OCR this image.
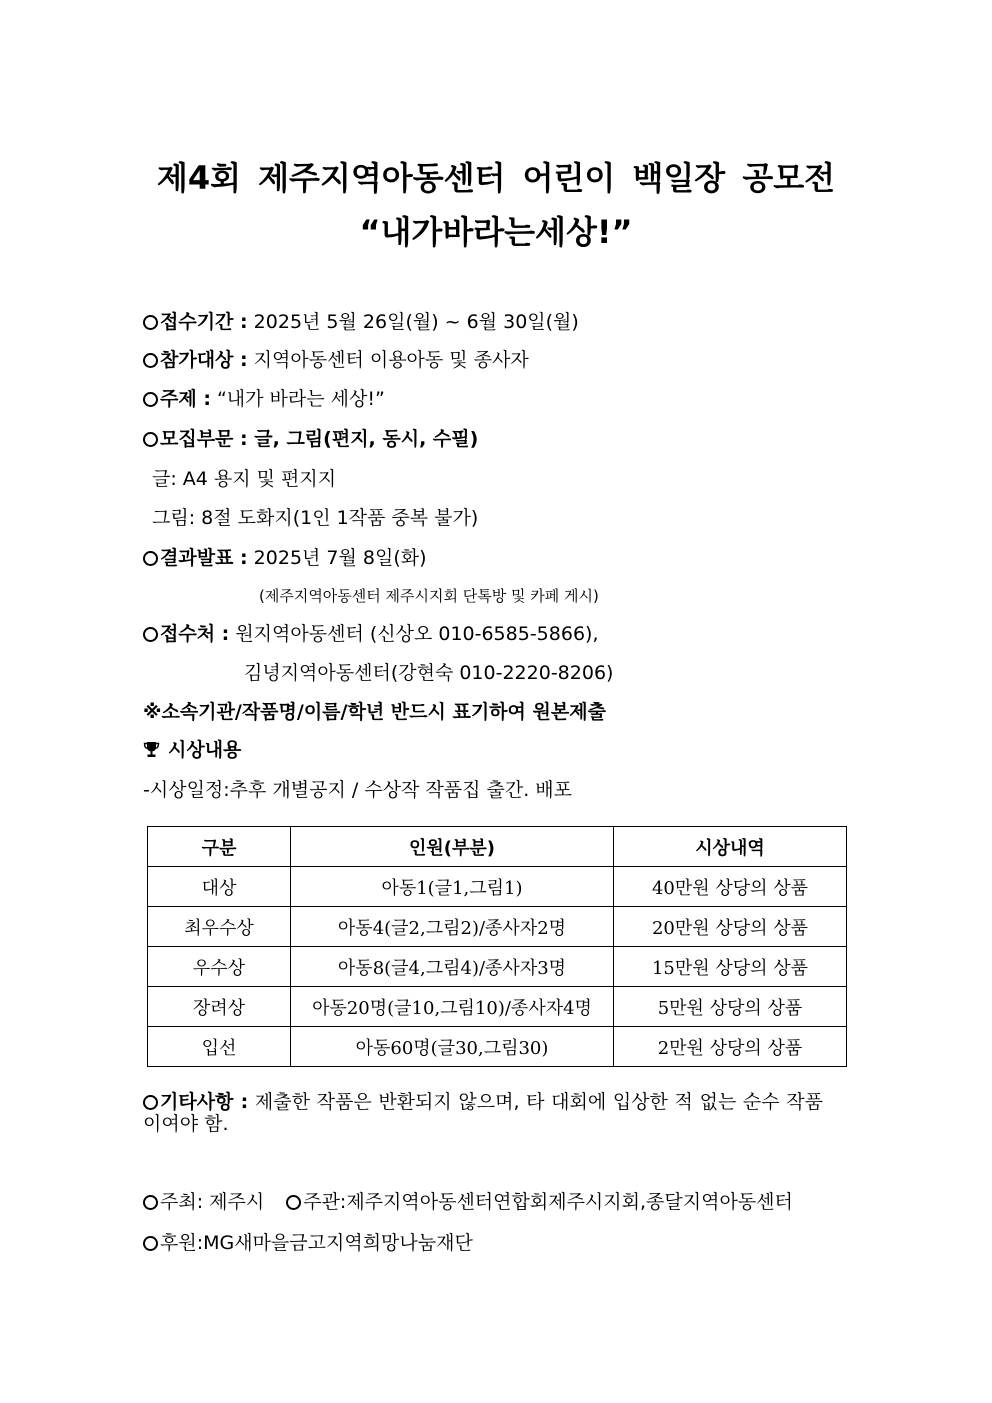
제4회 제주지역아동센터 어린이 백일장 공모전
“내가바라는세상!”
접수기간 : 2025년 5월 26일(월) ~ 6월 30일(월)
참가대상 : 지역아동센터 이용아동 및 종사자
주제 : “내가 바라는 세상!”
모집부문 : 글, 그림(편지, 동시, 수필)
글: A4 용지 및 편지지
그림: 8절 도화지(1인 1작품 중복 불가)
결과발표 : 2025년 7월 8일(화)
(제주지역아동센터 제주시지회 단톡방 및 카페 게시)
접수처 : 원지역아동센터 (신상오 010-6585-5866),
김녕지역아동센터(강현숙 010-2220-8206)
※소속기관/작품명/이름/학년 반드시 표기하여 원본제출
시상내용
-시상일정:추후 개별공지 / 수상작 작품집 출간. 배포
구분	인원(부분)	시상내역
대상	아동1(글1,그림1)	40만원 상당의 상품
최우수상	아동4(글2,그림2)/종사자2명	20만원 상당의 상품
우수상	아동8(글4,그림4)/종사자3명	15만원 상당의 상품
장려상	아동20명(글10,그림10)/종사자4명	5만원 상당의 상품
입선	아동60명(글30,그림30)	2만원 상당의 상품
기타사항 : 제출한 작품은 반환되지 않으며, 타 대회에 입상한 적 없는 순수 작품이여야 함.
주최: 제주시 주관:제주지역아동센터연합회제주시지회,종달지역아동센터
후원:MG새마을금고지역희망나눔재단
